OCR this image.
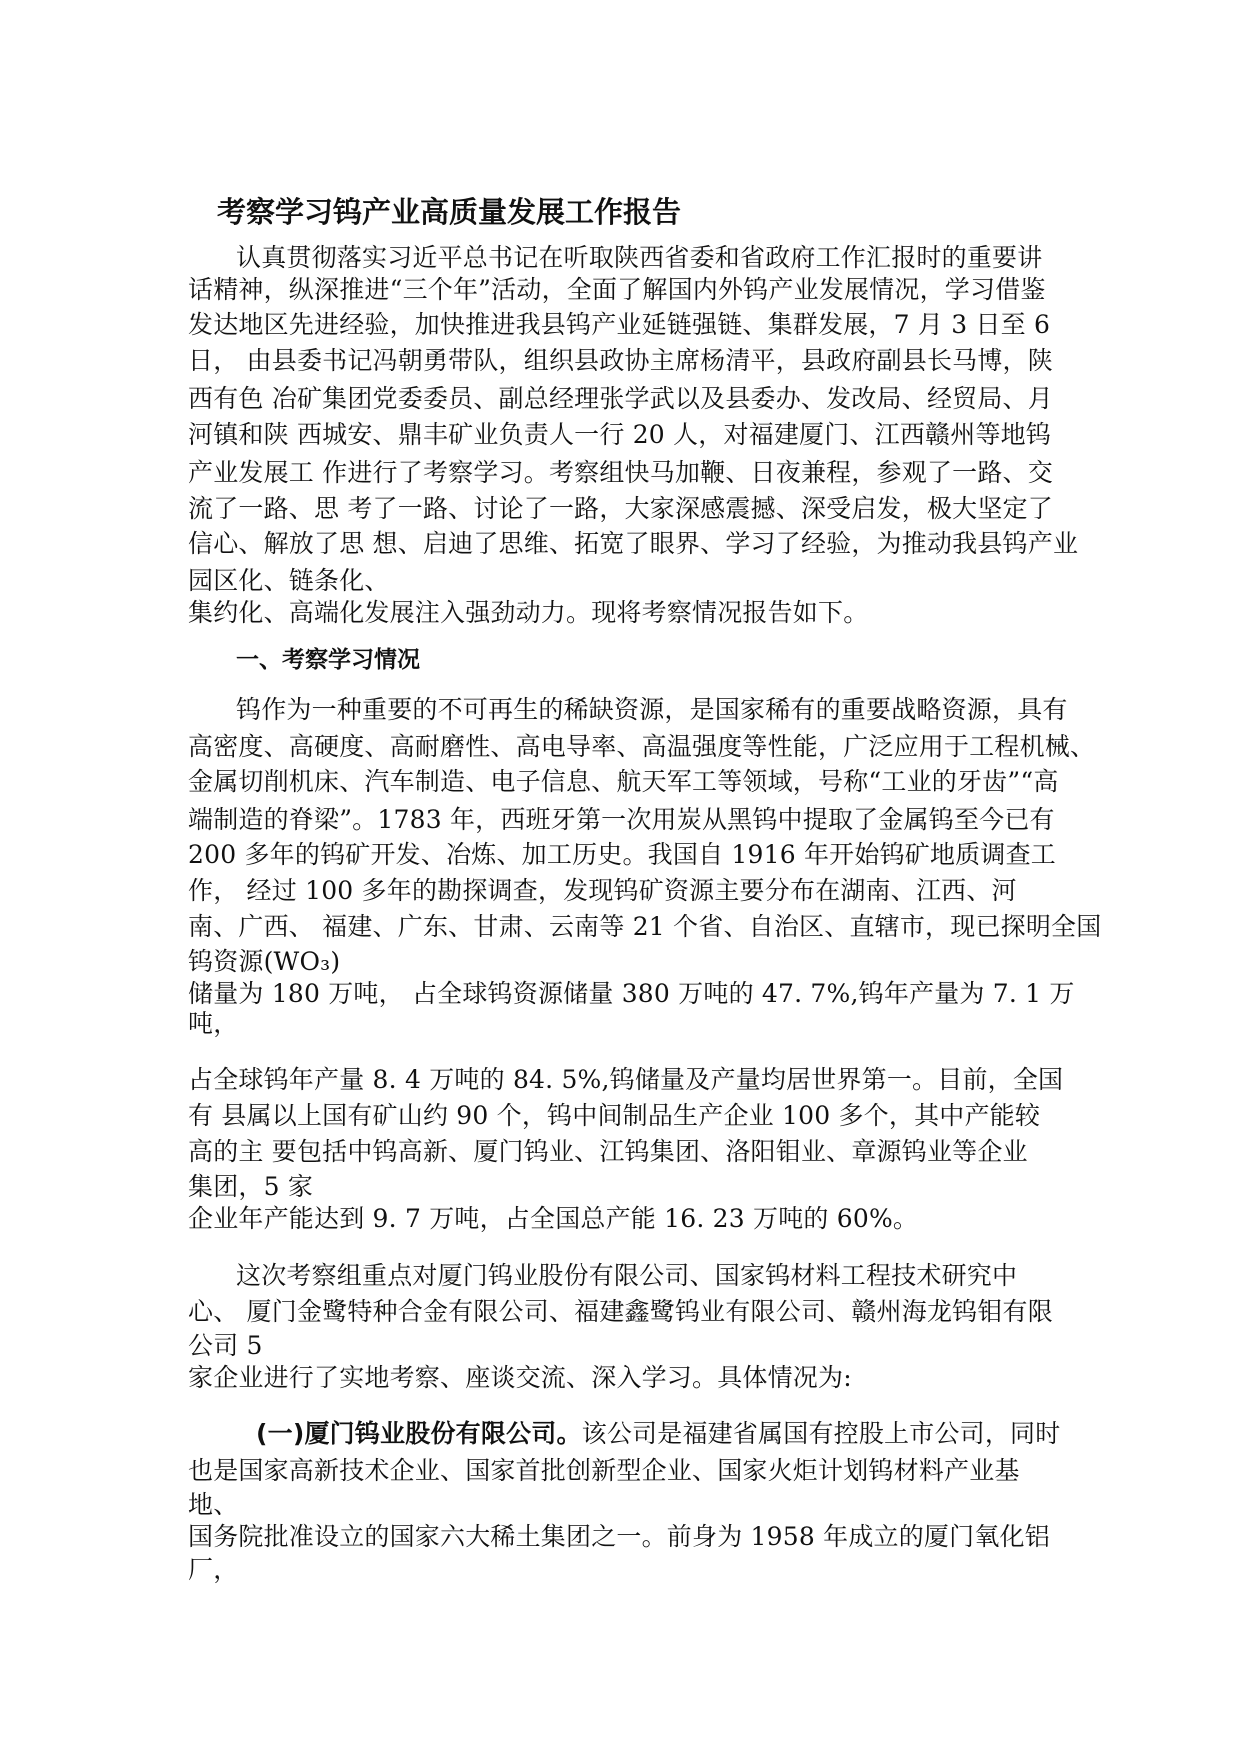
考察学习钨产业高质量发展工作报告
认真贯彻落实习近平总书记在听取陕西省委和省政府工作汇报时的重要讲
话精神，纵深推进“三个年”活动，全面了解国内外钨产业发展情况，学习借鉴
发达地区先进经验，加快推进我县钨产业延链强链、集群发展，7 月 3 日至 6
日， 由县委书记冯朝勇带队，组织县政协主席杨清平，县政府副县长马博，陕
西有色 冶矿集团党委委员、副总经理张学武以及县委办、发改局、经贸局、月
河镇和陕 西城安、鼎丰矿业负责人一行 20 人，对福建厦门、江西赣州等地钨
产业发展工 作进行了考察学习。考察组快马加鞭、日夜兼程，参观了一路、交
流了一路、思 考了一路、讨论了一路，大家深感震撼、深受启发，极大坚定了
信心、解放了思 想、启迪了思维、拓宽了眼界、学习了经验，为推动我县钨产业
园区化、链条化、
集约化、高端化发展注入强劲动力。现将考察情况报告如下。
一、考察学习情况
钨作为一种重要的不可再生的稀缺资源，是国家稀有的重要战略资源，具有
高密度、高硬度、高耐磨性、高电导率、高温强度等性能，广泛应用于工程机械、
金属切削机床、汽车制造、电子信息、航天军工等领域，号称“工业的牙齿”“高
端制造的脊梁”。1783 年，西班牙第一次用炭从黑钨中提取了金属钨至今已有
200 多年的钨矿开发、冶炼、加工历史。我国自 1916 年开始钨矿地质调查工
作， 经过 100 多年的勘探调查，发现钨矿资源主要分布在湖南、江西、河
南、广西、 福建、广东、甘肃、云南等 21 个省、自治区、直辖市，现已探明全国
钨资源(WO₃)
储量为 180 万吨， 占全球钨资源储量 380 万吨的 47. 7%,钨年产量为 7. 1 万
吨，
占全球钨年产量 8. 4 万吨的 84. 5%,钨储量及产量均居世界第一。目前，全国
有 县属以上国有矿山约 90 个，钨中间制品生产企业 100 多个，其中产能较
高的主 要包括中钨高新、厦门钨业、江钨集团、洛阳钼业、章源钨业等企业
集团，5 家
企业年产能达到 9. 7 万吨，占全国总产能 16. 23 万吨的 60%。
这次考察组重点对厦门钨业股份有限公司、国家钨材料工程技术研究中
心、 厦门金鹭特种合金有限公司、福建鑫鹭钨业有限公司、赣州海龙钨钼有限
公司 5
家企业进行了实地考察、座谈交流、深入学习。具体情况为:
(一)厦门钨业股份有限公司。该公司是福建省属国有控股上市公司，同时
也是国家高新技术企业、国家首批创新型企业、国家火炬计划钨材料产业基
地、
国务院批准设立的国家六大稀土集团之一。前身为 1958 年成立的厦门氧化铝
厂，
